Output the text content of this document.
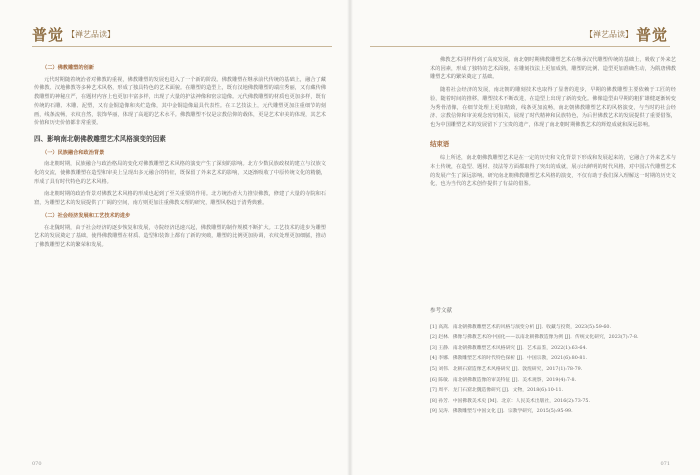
普觉 【禅艺品读】
（二）佛教雕塑的创新
元代时期随着统治者对佛教的重视，佛教雕塑的发展也进入了一个新的阶段。佛教雕塑在继承前代传统的基础上，融合了藏传佛教、汉地佛教等多种艺术风格，形成了独具特色的艺术面貌。在雕塑的造型上，既有汉地佛教雕塑的端庄秀丽，又有藏传佛教雕塑的神秘庄严，在题材内容上也更加丰富多样，出现了大量的护法神像和密宗造像。元代佛教雕塑的材质也更加多样，既有传统的石雕、木雕、泥塑，又有金铜造像和夹纻造像，其中金铜造像最具代表性。在工艺技法上，元代雕塑更加注重细节的刻画，线条流畅，衣纹自然，装饰华丽，体现了高超的艺术水平。佛教雕塑不仅是宗教信仰的载体，更是艺术审美的体现，其艺术价值和历史价值都非常重要。
四、影响南北朝佛教雕塑艺术风格演变的因素
（一）民族融合和政治背景
南北朝时期，民族融合与政治格局的变化对佛教雕塑艺术风格的演变产生了深刻的影响。北方少数民族政权的建立与汉族文化的交流，使佛教雕塑在造型和审美上呈现出多元融合的特征，既保留了外来艺术的影响，又逐渐吸收了中原传统文化的精髓，形成了具有时代特色的艺术风格。
南北朝时期的政治背景对佛教艺术风格的形成也起到了至关重要的作用。北方统治者大力推崇佛教，修建了大量的寺院和石窟，为雕塑艺术的发展提供了广阔的空间，南方则更加注重佛教义理的研究，雕塑风格趋于清秀典雅。
（二）社会经济发展和工艺技术的进步
在北魏时期，由于社会经济的逐步恢复和发展，寺院经济迅速兴起，佛教雕塑的制作规模不断扩大。工艺技术的进步为雕塑艺术的发展奠定了基础，使得佛教雕塑在材质、造型和装饰上都有了新的突破，雕塑的比例更加协调，衣纹处理更加细腻，推动了佛教雕塑艺术的繁荣和发展。
070
【禅艺品读】 普觉
071
佛教艺术同样得到了高度发展。南北朝时期佛教雕塑艺术在继承汉代雕塑传统的基础上，吸收了外来艺术的因素，形成了独特的艺术面貌，在雕刻技法上更加成熟，雕塑的比例、造型更加准确生动，为隋唐佛教雕塑艺术的繁荣奠定了基础。
随着社会经济的发展，南北朝的雕刻技术也取得了显著的进步，早期的佛教雕塑主要依赖于工匠的经验，随着时间的推移，雕塑技术不断改进，在造型上出现了新的变化。佛像造型由早期的粗犷雄健逐渐转变为秀骨清像，在细节处理上更加精致，线条更加流畅，南北朝佛教雕塑艺术的风格演变，与当时的社会经济、宗教信仰和审美观念密切相关，展现了时代精神和民族特色，为后世佛教艺术的发展提供了重要借鉴，也为中国雕塑艺术的发展留下了宝贵的遗产，体现了南北朝时期佛教艺术的辉煌成就和深远影响。
结束语
综上所述，南北朝佛教雕塑艺术是在一定的历史和文化背景下形成和发展起来的，它融合了外来艺术与本土传统，在造型、题材、技法等方面都取得了突出的成就，展示出鲜明的时代风格，对中国古代雕塑艺术的发展产生了深远影响。研究南北朝佛教雕塑艺术风格的演变，不仅有助于我们深入理解这一时期的历史文化，也为当代的艺术创作提供了有益的借鉴。
参考文献
[1] 高嵩．南北朝佛教雕塑艺术的风格与演变分析 [J]．收藏与投资，2023(5):59-60.
[2] 赵林．佛像与佛教艺术的中国化——以南北朝佛教造像为例 [J]．传统文化研究，2023(7):7-8.
[3] 王静．南北朝佛教雕塑艺术风格研究 [J]．艺术品鉴，2022(1):63-64.
[4] 李娜．佛教雕塑艺术的时代特色探析 [J]．中国宗教，2021(6):80-81.
[5] 刘伟．北朝石窟造像艺术风格研究 [J]．敦煌研究，2017(1):78-79.
[6] 陈敏．南北朝佛教造像的审美特征 [J]．美术观察，2019(4):7-8.
[7] 周平．龙门石窟北魏造像研究 [J]．文物，2018(6):10-11.
[8] 孙芳．中国佛教美术史 [M]．北京：人民美术出版社，2016(2):73-75.
[9] 吴涛．佛教雕塑与中国文化 [J]．宗教学研究，2015(5):95-99.
